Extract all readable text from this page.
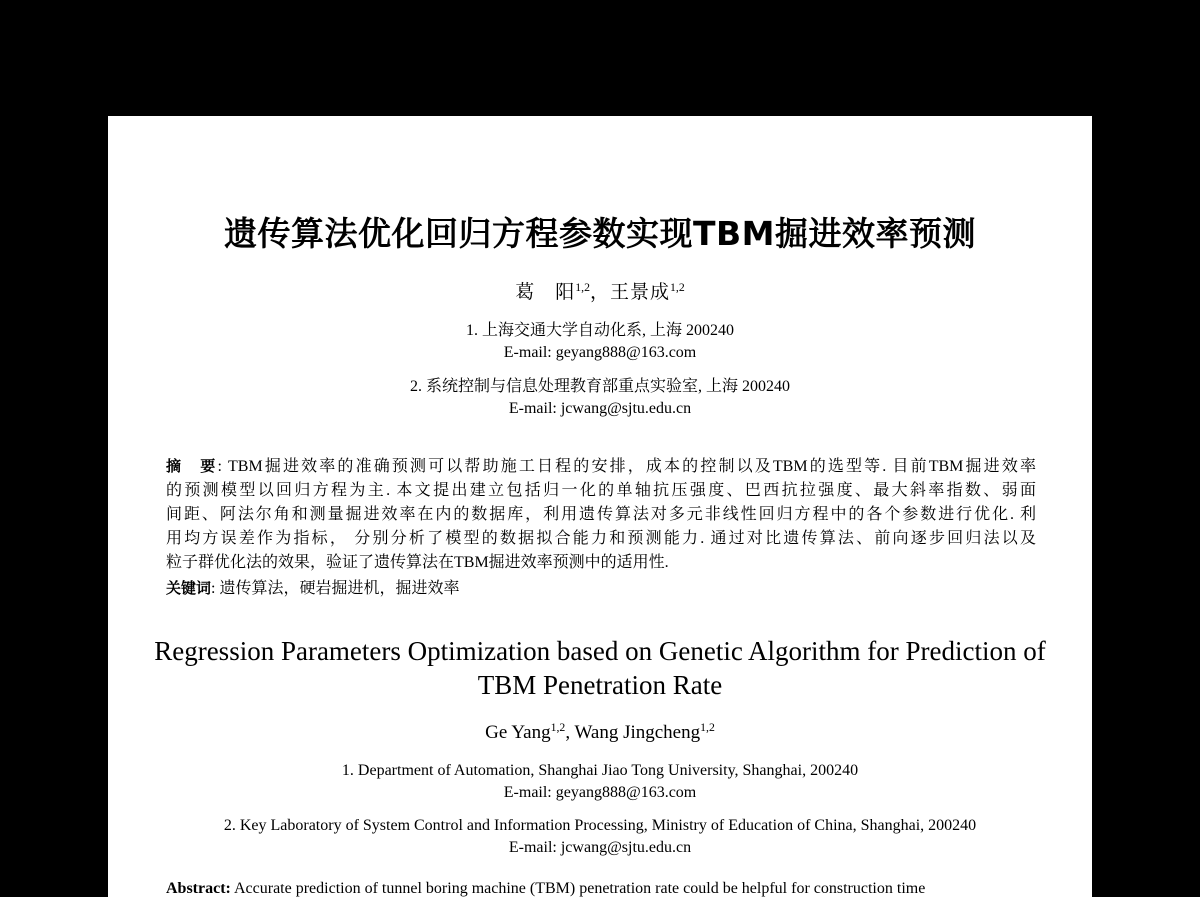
遗传算法优化回归方程参数实现TBM掘进效率预测
葛　阳$^{1,2}$，王景成$^{1,2}$
1. 上海交通大学自动化系, 上海 200240
E-mail: geyang888@163.com
2. 系统控制与信息处理教育部重点实验室, 上海 200240
E-mail: jcwang@sjtu.edu.cn
摘　要: TBM掘进效率的准确预测可以帮助施工日程的安排，成本的控制以及TBM的选型等. 目前TBM掘进效率
的预测模型以回归方程为主. 本文提出建立包括归一化的单轴抗压强度、巴西抗拉强度、最大斜率指数、弱面
间距、阿法尔角和测量掘进效率在内的数据库，利用遗传算法对多元非线性回归方程中的各个参数进行优化. 利
用均方误差作为指标， 分别分析了模型的数据拟合能力和预测能力. 通过对比遗传算法、前向逐步回归法以及
粒子群优化法的效果，验证了遗传算法在TBM掘进效率预测中的适用性.
关键词: 遗传算法，硬岩掘进机，掘进效率
Regression Parameters Optimization based on Genetic Algorithm for Prediction of
TBM Penetration Rate
Ge Yang$^{1,2}$, Wang Jingcheng$^{1,2}$
1. Department of Automation, Shanghai Jiao Tong University, Shanghai, 200240
E-mail: geyang888@163.com
2. Key Laboratory of System Control and Information Processing, Ministry of Education of China, Shanghai, 200240
E-mail: jcwang@sjtu.edu.cn
Abstract: Accurate prediction of tunnel boring machine (TBM) penetration rate could be helpful for construction time
